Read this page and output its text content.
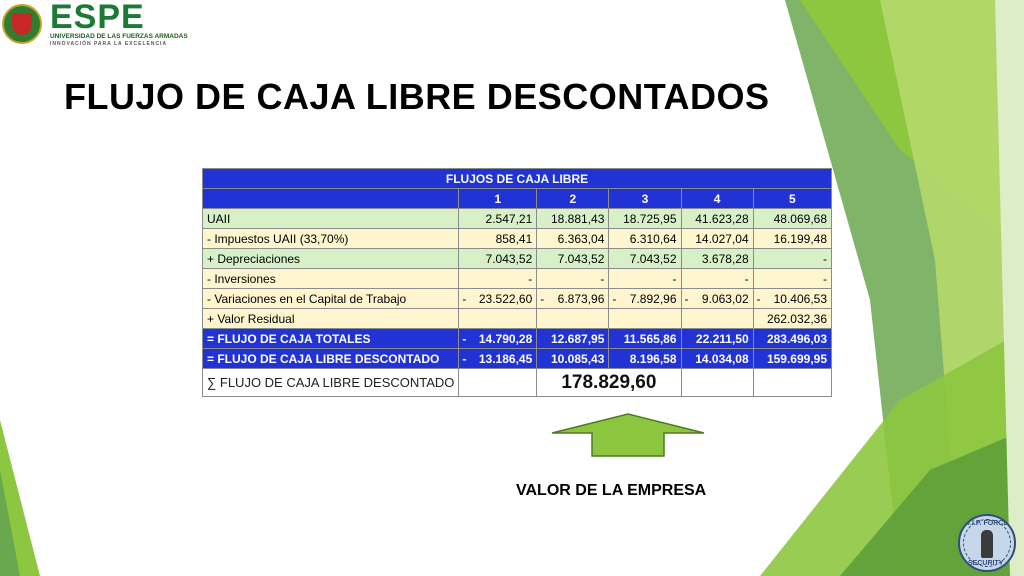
ESPE
UNIVERSIDAD DE LAS FUERZAS ARMADAS
INNOVACIÓN PARA LA EXCELENCIA
FLUJO DE CAJA LIBRE DESCONTADOS
FLUJOS DE CAJA LIBRE					
	1	2	3	4	5
UAII	2.547,21	18.881,43	18.725,95	41.623,28	48.069,68
- Impuestos UAII (33,70%)	858,41	6.363,04	6.310,64	14.027,04	16.199,48
+ Depreciaciones	7.043,52	7.043,52	7.043,52	3.678,28	-
- Inversiones	-	-	-	-	-
- Variaciones en el Capital de Trabajo	- 23.522,60	- 6.873,96	- 7.892,96	- 9.063,02	- 10.406,53
+ Valor Residual					262.032,36
= FLUJO DE CAJA TOTALES	- 14.790,28	12.687,95	11.565,86	22.211,50	283.496,03
= FLUJO DE CAJA LIBRE DESCONTADO	- 13.186,45	10.085,43	8.196,58	14.034,08	159.699,95
∑ FLUJO DE CAJA LIBRE DESCONTADO		178.829,60			
VALOR DE LA EMPRESA
V.I.P. FORCE
SECURITY
